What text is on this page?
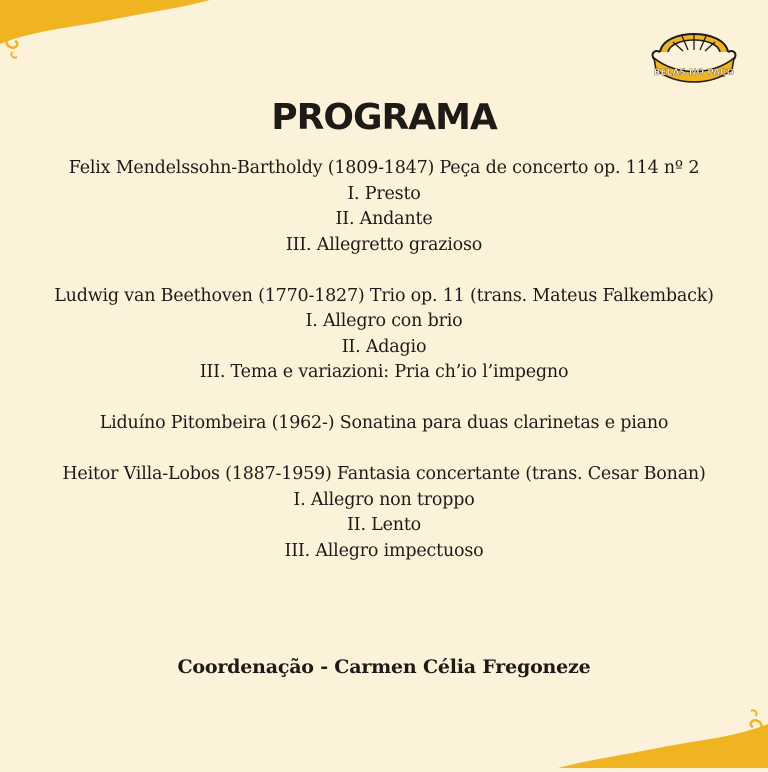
BELAS NO PAÇO
PROGRAMA
Felix Mendelssohn-Bartholdy (1809-1847) Peça de concerto op. 114 nº 2
I. Presto
II. Andante
III. Allegretto grazioso
Ludwig van Beethoven (1770-1827) Trio op. 11 (trans. Mateus Falkemback)
I. Allegro con brio
II. Adagio
III. Tema e variazioni: Pria ch’io l’impegno
Liduíno Pitombeira (1962-) Sonatina para duas clarinetas e piano
Heitor Villa-Lobos (1887-1959) Fantasia concertante (trans. Cesar Bonan)
I. Allegro non troppo
II. Lento
III. Allegro impectuoso
Coordenação - Carmen Célia Fregoneze
